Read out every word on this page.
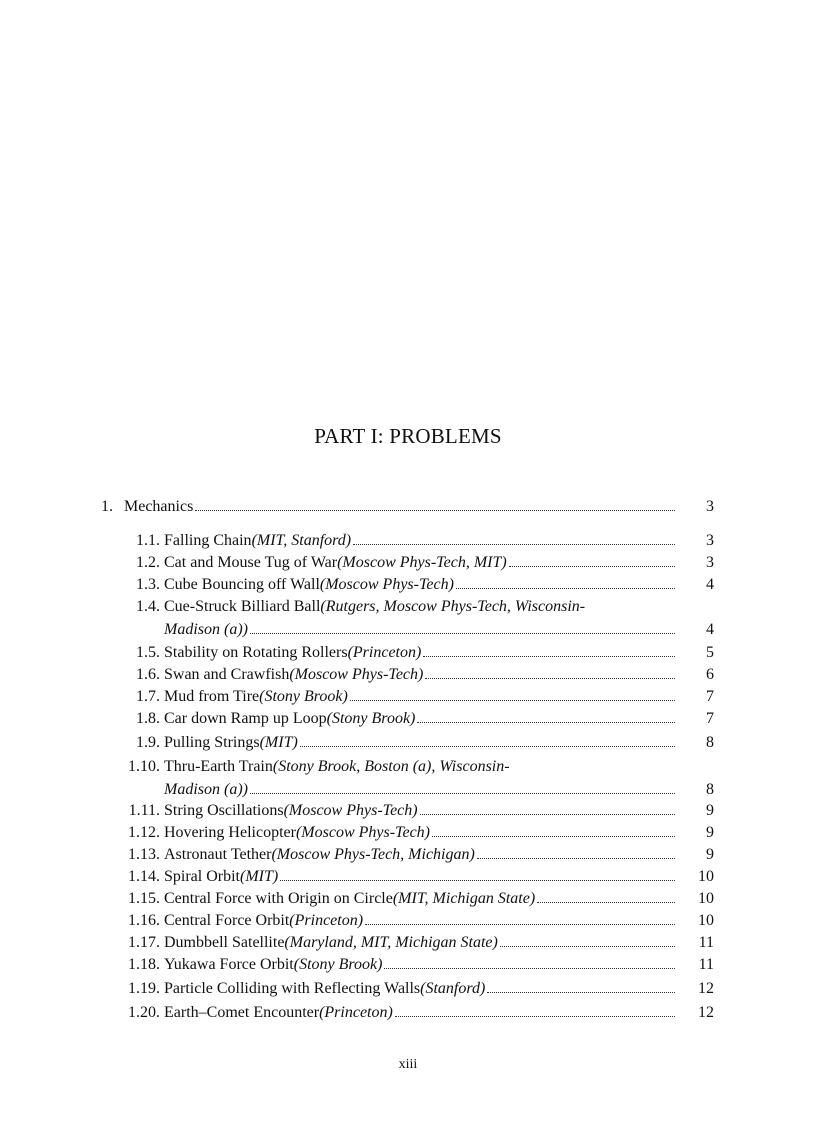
PART I: PROBLEMS
1. Mechanics	3
1.1. Falling Chain (MIT, Stanford)	3
1.2. Cat and Mouse Tug of War (Moscow Phys-Tech, MIT)	3
1.3. Cube Bouncing off Wall (Moscow Phys-Tech)	4
1.4. Cue-Struck Billiard Ball (Rutgers, Moscow Phys-Tech, Wisconsin-
Madison (a))	4
1.5. Stability on Rotating Rollers (Princeton)	5
1.6. Swan and Crawfish (Moscow Phys-Tech)	6
1.7. Mud from Tire (Stony Brook)	7
1.8. Car down Ramp up Loop (Stony Brook)	7
1.9. Pulling Strings (MIT)	8
1.10. Thru-Earth Train (Stony Brook, Boston (a), Wisconsin-
Madison (a))	8
1.11. String Oscillations (Moscow Phys-Tech)	9
1.12. Hovering Helicopter (Moscow Phys-Tech)	9
1.13. Astronaut Tether (Moscow Phys-Tech, Michigan)	9
1.14. Spiral Orbit (MIT)	10
1.15. Central Force with Origin on Circle (MIT, Michigan State)	10
1.16. Central Force Orbit (Princeton)	10
1.17. Dumbbell Satellite (Maryland, MIT, Michigan State)	11
1.18. Yukawa Force Orbit (Stony Brook)	11
1.19. Particle Colliding with Reflecting Walls (Stanford)	12
1.20. Earth–Comet Encounter (Princeton)	12
xiii
